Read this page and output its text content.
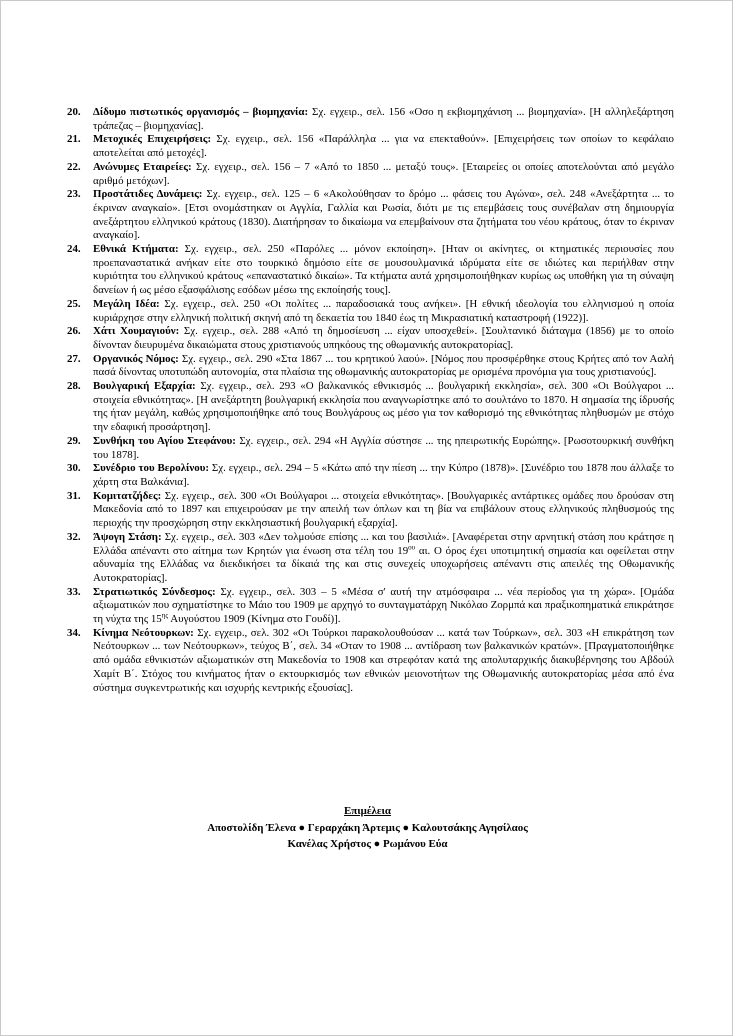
20.	Δίδυμο πιστωτικός οργανισμός – βιομηχανία: Σχ. εγχειρ., σελ. 156 «Οσο η εκβιομηχάνιση ... βιομηχανία». [Η αλληλεξάρτηση τράπεζας – βιομηχανίας].
21.	Μετοχικές Επιχειρήσεις: Σχ. εγχειρ., σελ. 156 «Παράλληλα ... για να επεκταθούν». [Επιχειρήσεις των οποίων το κεφάλαιο αποτελείται από μετοχές].
22.	Ανώνυμες Εταιρείες: Σχ. εγχειρ., σελ. 156 – 7 «Από το 1850 ... μεταξύ τους». [Εταιρείες οι οποίες αποτελούνται από μεγάλο αριθμό μετόχων].
23.	Προστάτιδες Δυνάμεις: Σχ. εγχειρ., σελ. 125 – 6 «Ακολούθησαν το δρόμο ... φάσεις του Αγώνα», σελ. 248 «Ανεξάρτητα ... το έκριναν αναγκαίο». [Ετσι ονομάστηκαν οι Αγγλία, Γαλλία και Ρωσία, διότι με τις επεμβάσεις τους συνέβαλαν στη δημιουργία ανεξάρτητου ελληνικού κράτους (1830). Διατήρησαν το δικαίωμα να επεμβαίνουν στα ζητήματα του νέου κράτους, όταν το έκριναν αναγκαίο].
24.	Εθνικά Κτήματα: Σχ. εγχειρ., σελ. 250 «Παρόλες ... μόνον εκποίηση». [Ηταν οι ακίνητες, οι κτηματικές περιουσίες που προεπαναστατικά ανήκαν είτε στο τουρκικό δημόσιο είτε σε μουσουλμανικά ιδρύματα είτε σε ιδιώτες και περιήλθαν στην κυριότητα του ελληνικού κράτους «επαναστατικό δικαίω». Τα κτήματα αυτά χρησιμοποιήθηκαν κυρίως ως υποθήκη για τη σύναψη δανείων ή ως μέσο εξασφάλισης εσόδων μέσω της εκποίησής τους].
25.	Μεγάλη Ιδέα: Σχ. εγχειρ., σελ. 250 «Οι πολίτες ... παραδοσιακά τους ανήκει». [Η εθνική ιδεολογία του ελληνισμού η οποία κυριάρχησε στην ελληνική πολιτική σκηνή από τη δεκαετία του 1840 έως τη Μικρασιατική καταστροφή (1922)].
26.	Χάτι Χουμαγιούν: Σχ. εγχειρ., σελ. 288 «Από τη δημοσίευση ... είχαν υποσχεθεί». [Σουλτανικό διάταγμα (1856) με το οποίο δίνονταν διευρυμένα δικαιώματα στους χριστιανούς υπηκόους της οθωμανικής αυτοκρατορίας].
27.	Οργανικός Νόμος: Σχ. εγχειρ., σελ. 290 «Στα 1867 ... του κρητικού λαού». [Νόμος που προσφέρθηκε στους Κρήτες από τον Ααλή πασά δίνοντας υποτυπώδη αυτονομία, στα πλαίσια της οθωμανικής αυτοκρατορίας με ορισμένα προνόμια για τους χριστιανούς].
28.	Βουλγαρική Εξαρχία: Σχ. εγχειρ., σελ. 293 «Ο βαλκανικός εθνικισμός ... βουλγαρική εκκλησία», σελ. 300 «Οι Βούλγαροι ... στοιχεία εθνικότητας». [Η ανεξάρτητη βουλγαρική εκκλησία που αναγνωρίστηκε από το σουλτάνο το 1870. Η σημασία της ίδρυσής της ήταν μεγάλη, καθώς χρησιμοποιήθηκε από τους Βουλγάρους ως μέσο για τον καθορισμό της εθνικότητας πληθυσμών με στόχο την εδαφική προσάρτηση].
29.	Συνθήκη του Αγίου Στεφάνου: Σχ. εγχειρ., σελ. 294 «Η Αγγλία σύστησε ... της ηπειρωτικής Ευρώπης». [Ρωσοτουρκική συνθήκη του 1878].
30.	Συνέδριο του Βερολίνου: Σχ. εγχειρ., σελ. 294 – 5 «Κάτω από την πίεση ... την Κύπρο (1878)». [Συνέδριο του 1878 που άλλαξε το χάρτη στα Βαλκάνια].
31.	Κομιτατζήδες: Σχ. εγχειρ., σελ. 300 «Οι Βούλγαροι ... στοιχεία εθνικότητας». [Βουλγαρικές αντάρτικες ομάδες που δρούσαν στη Μακεδονία από το 1897 και επιχειρούσαν με την απειλή των όπλων και τη βία να επιβάλουν στους ελληνικούς πληθυσμούς της περιοχής την προσχώρηση στην εκκλησιαστική βουλγαρική εξαρχία].
32.	Άψογη Στάση: Σχ. εγχειρ., σελ. 303 «Δεν τολμούσε επίσης ... και του βασιλιά». [Αναφέρεται στην αρνητική στάση που κράτησε η Ελλάδα απέναντι στο αίτημα των Κρητών για ένωση στα τέλη του $19^{o\upsilon}$ αι. Ο όρος έχει υποτιμητική σημασία και οφείλεται στην αδυναμία της Ελλάδας να διεκδικήσει τα δίκαιά της και στις συνεχείς υποχωρήσεις απέναντι στις απειλές της Οθωμανικής Αυτοκρατορίας].
33.	Στρατιωτικός Σύνδεσμος: Σχ. εγχειρ., σελ. 303 – 5 «Μέσα σ' αυτή την ατμόσφαιρα ... νέα περίοδος για τη χώρα». [Ομάδα αξιωματικών που σχηματίστηκε το Μάιο του 1909 με αρχηγό το συνταγματάρχη Νικόλαο Ζορμπά και πραξικοπηματικά επικράτησε τη νύχτα της $15^{\eta\varsigma}$ Αυγούστου 1909 (Κίνημα στο Γουδί)].
34.	Κίνημα Νεότουρκων: Σχ. εγχειρ., σελ. 302 «Οι Τούρκοι παρακολουθούσαν ... κατά των Τούρκων», σελ. 303 «Η επικράτηση των Νεότουρκων ... των Νεότουρκων», τεύχος Β΄, σελ. 34 «Οταν το 1908 ... αντίδραση των βαλκανικών κρατών». [Πραγματοποιήθηκε από ομάδα εθνικιστών αξιωματικών στη Μακεδονία το 1908 και στρεφόταν κατά της απολυταρχικής διακυβέρνησης του Αβδούλ Χαμίτ Β΄. Στόχος του κινήματος ήταν ο εκτουρκισμός των εθνικών μειονοτήτων της Οθωμανικής αυτοκρατορίας μέσα από ένα σύστημα συγκεντρωτικής και ισχυρής κεντρικής εξουσίας].
Επιμέλεια
Αποστολίδη Έλενα ● Γεραρχάκη Άρτεμις ● Καλουτσάκης Αγησίλαος
Κανέλας Χρήστος ● Ρωμάνου Εύα
